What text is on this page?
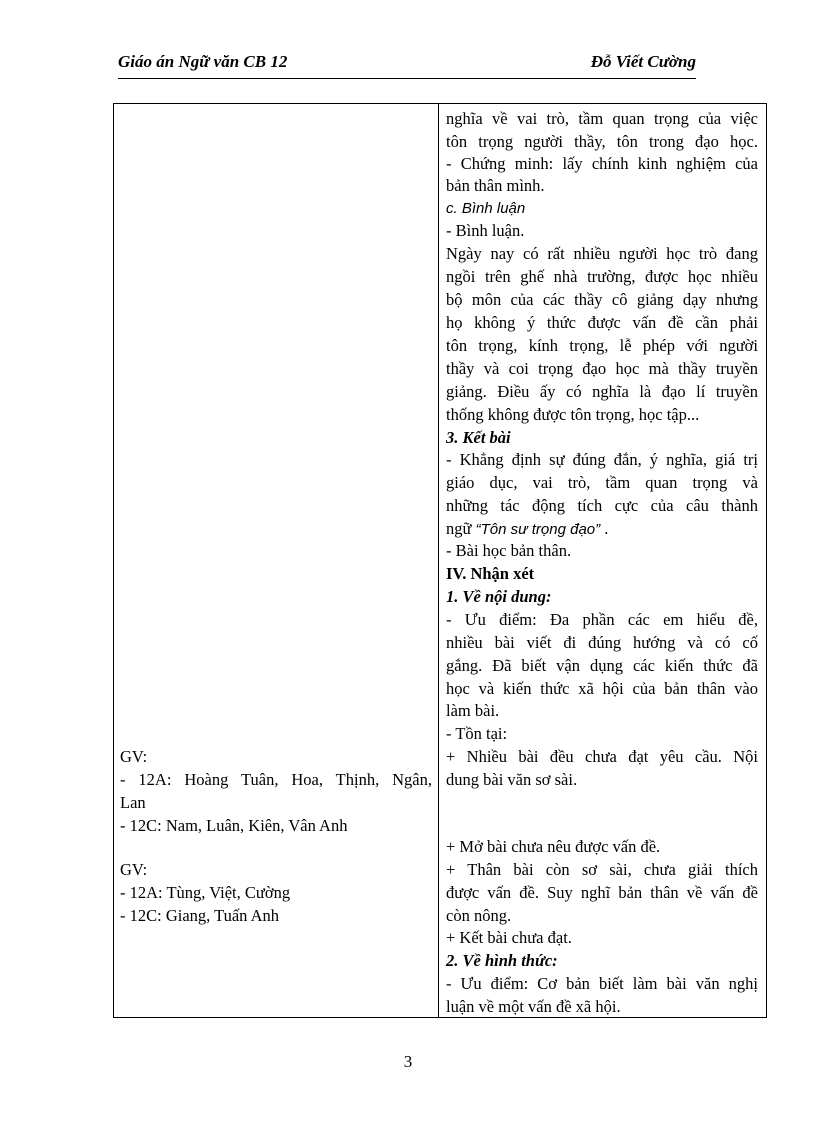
Giáo án Ngữ văn CB 12	Đỗ Viết Cường
GV:
- 12A: Hoàng Tuân, Hoa, Thịnh, Ngân,
Lan
- 12C: Nam, Luân, Kiên, Vân Anh
GV:
- 12A: Tùng, Việt, Cường
- 12C: Giang, Tuấn Anh
nghĩa về vai trò, tầm quan trọng của việc
tôn trọng người thầy, tôn trong đạo học.
- Chứng minh: lấy chính kinh nghiệm của
bản thân mình.
c. Bình luận
- Bình luận.
Ngày nay có rất nhiều người học trò đang
ngồi trên ghế nhà trường, được học nhiều
bộ môn của các thầy cô giảng dạy nhưng
họ không ý thức được vấn đề cần phải
tôn trọng, kính trọng, lễ phép với người
thầy và coi trọng đạo học mà thầy truyền
giảng. Điều ấy có nghĩa là đạo lí truyền
thống không được tôn trọng, học tập...
3. Kết bài
- Khẳng định sự đúng đắn, ý nghĩa, giá trị
giáo dục, vai trò, tầm quan trọng và
những tác động tích cực của câu thành
ngữ “Tôn sư trọng đạo” .
- Bài học bản thân.
IV. Nhận xét
1. Về nội dung:
- Ưu điểm: Đa phần các em hiểu đề,
nhiều bài viết đi đúng hướng và có cố
gắng. Đã biết vận dụng các kiến thức đã
học và kiến thức xã hội của bản thân vào
làm bài.
- Tồn tại:
+ Nhiều bài đều chưa đạt yêu cầu. Nội
dung bài văn sơ sài.
+ Mở bài chưa nêu được vấn đề.
+ Thân bài còn sơ sài, chưa giải thích
được vấn đề. Suy nghĩ bản thân về vấn đề
còn nông.
+ Kết bài chưa đạt.
2. Về hình thức:
- Ưu điểm: Cơ bản biết làm bài văn nghị
luận về một vấn đề xã hội.
3
